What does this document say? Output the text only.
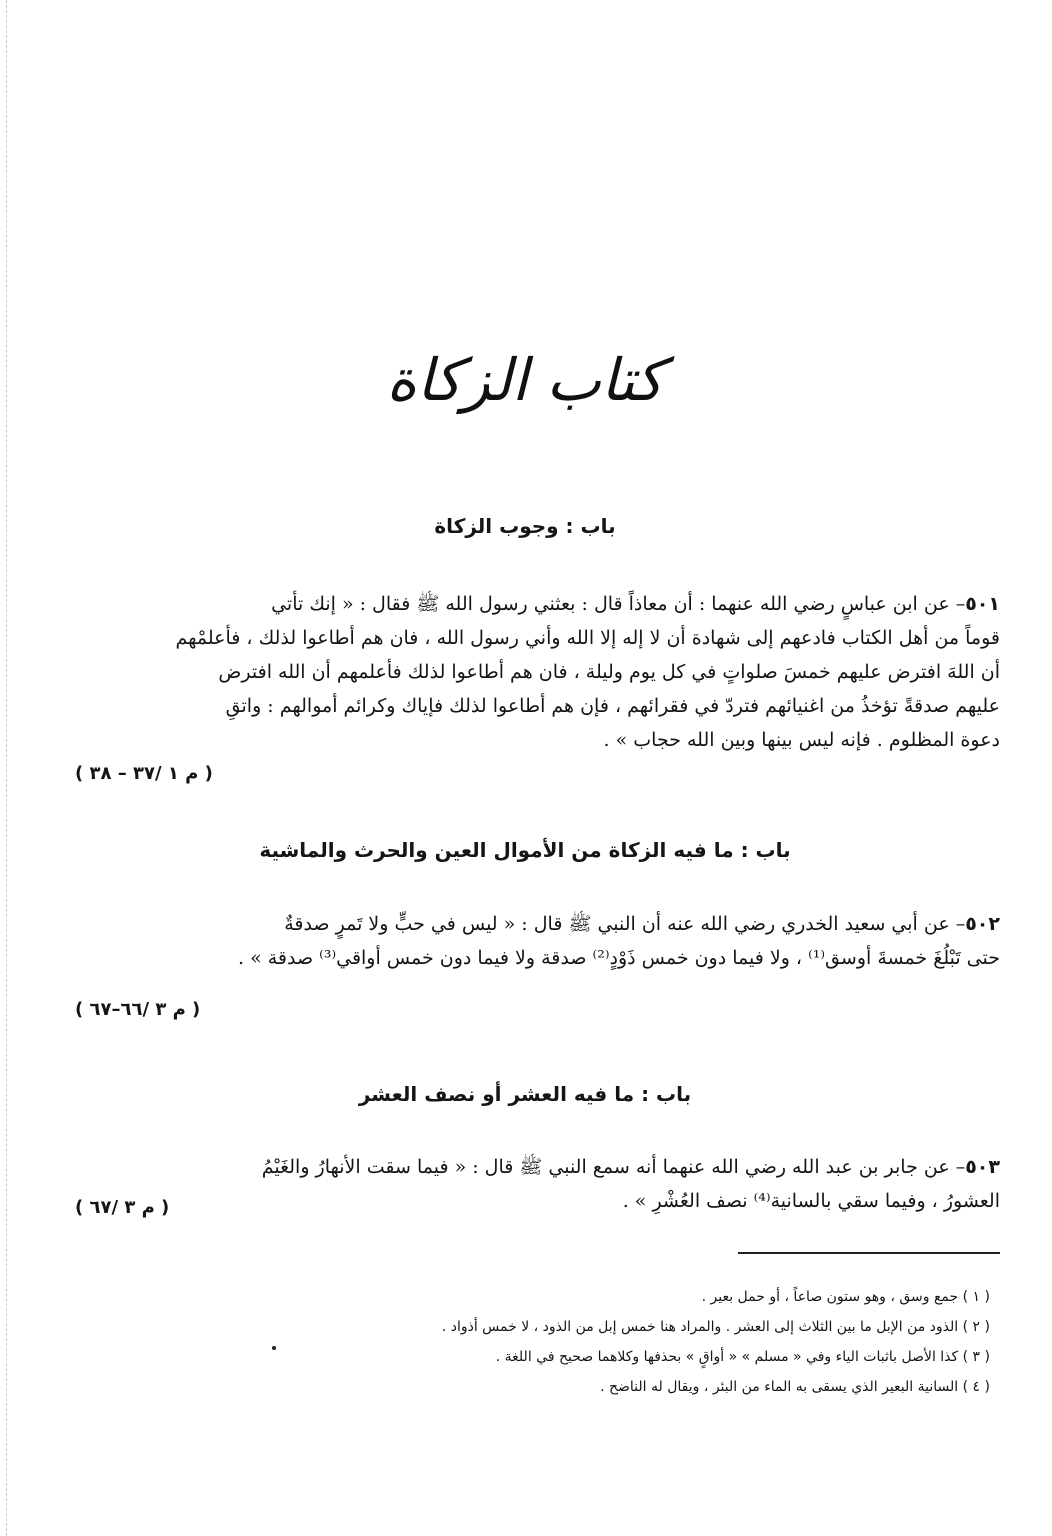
كتاب الزكاة
باب : وجوب الزكاة
٥٠١– عن ابن عباسٍ رضي الله عنهما : أن معاذاً قال : بعثني رسول الله ﷺ فقال : « إنك تأتي
قوماً من أهل الكتاب فادعهم إلى شهادة أن لا إله إلا الله وأني رسول الله ، فان هم أطاعوا لذلك ، فأعلمْهم
أن اللهَ افترض عليهم خمسَ صلواتٍ في كل يوم وليلة ، فان هم أطاعوا لذلك فأعلمهم أن الله افترض
عليهم صدقةً تؤخذُ من اغنيائهم فتردّ في فقرائهم ، فإن هم أطاعوا لذلك فإياك وكرائم أموالهم : واتقِ
دعوة المظلوم . فإنه ليس بينها وبين الله حجاب » .
( م ١ /٣٧ – ٣٨ )
باب : ما فيه الزكاة من الأموال العين والحرث والماشية
٥٠٢– عن أبي سعيد الخدري رضي الله عنه أن النبي ﷺ قال : « ليس في حبٍّ ولا تَمرٍ صدقةٌ
حتى تَبْلُغَ خمسةَ أوسق⁽¹⁾ ، ولا فيما دون خمس ذَوْدٍ⁽²⁾ صدقة ولا فيما دون خمس أواقي⁽³⁾ صدقة » .
( م ٣ /٦٦–٦٧ )
باب : ما فيه العشر أو نصف العشر
٥٠٣– عن جابر بن عبد الله رضي الله عنهما أنه سمع النبي ﷺ قال : « فيما سقت الأنهارُ والغَيْمُ
العشورُ ، وفيما سقي بالسانية⁽⁴⁾ نصف العُشْرِ » .
( م ٣ /٦٧ )
( ١ ) جمع وسق ، وهو ستون صاعاً ، أو حمل بعير .
( ٢ ) الذود من الإبل ما بين الثلاث إلى العشر . والمراد هنا خمس إبل من الذود ، لا خمس أذواد .
( ٣ ) كذا الأصل باثبات الياء وفي « مسلم » « أواقٍ » بحذفها وكلاهما صحيح في اللغة .
( ٤ ) السانية البعير الذي يسقى به الماء من البئر ، ويقال له الناضح .
